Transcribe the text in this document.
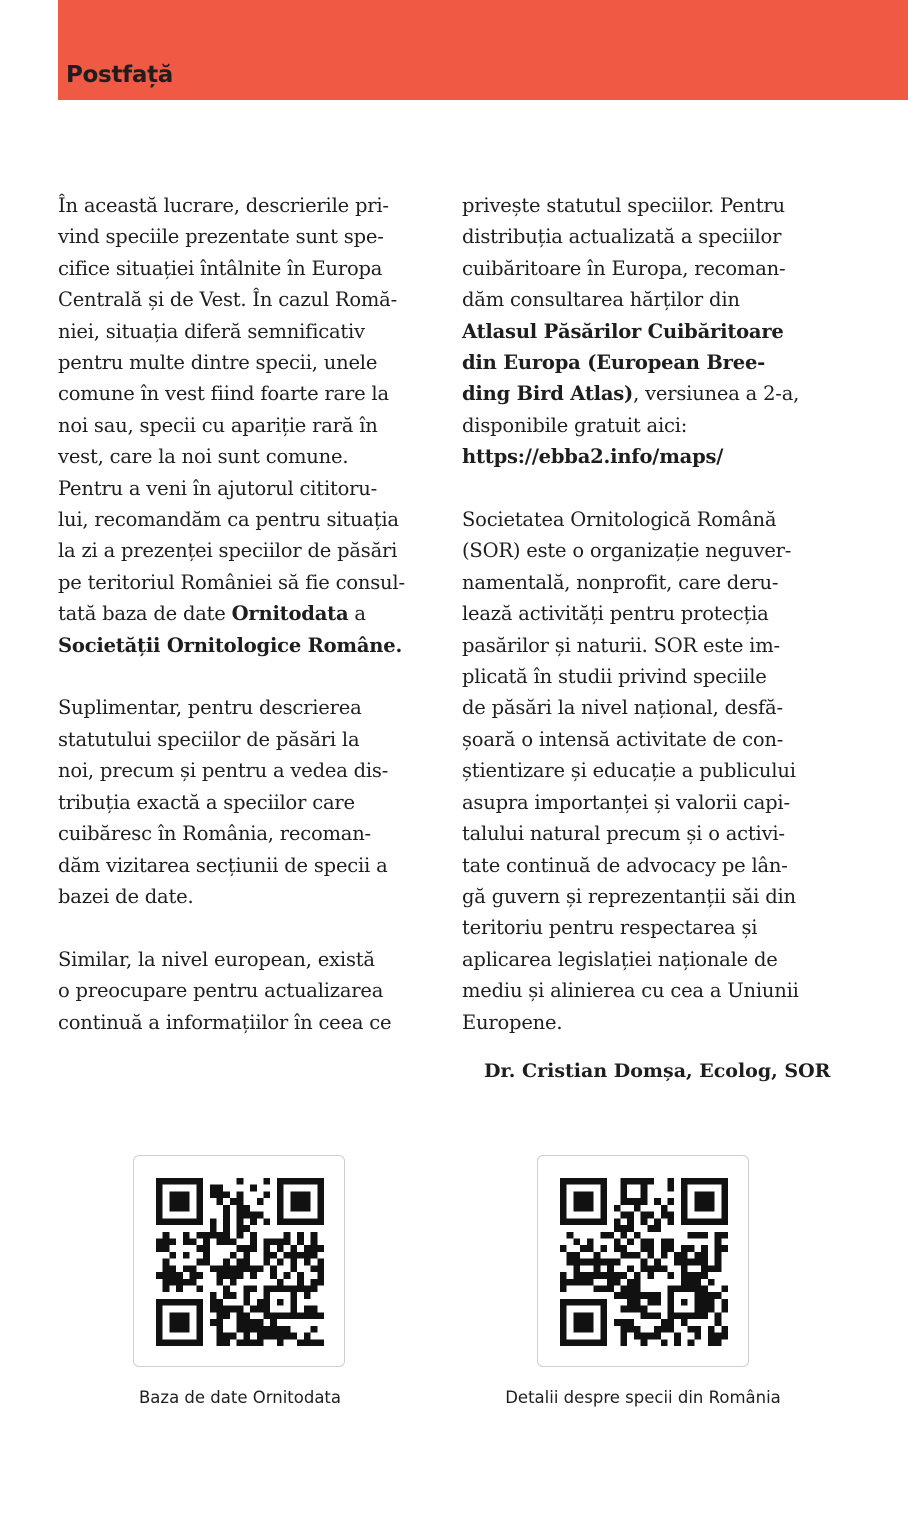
Postfață
În această lucrare, descrierile pri-
vind speciile prezentate sunt spe-
cifice situației întâlnite în Europa
Centrală și de Vest. În cazul Romă-
niei, situația diferă semnificativ
pentru multe dintre specii, unele
comune în vest fiind foarte rare la
noi sau, specii cu apariție rară în
vest, care la noi sunt comune.
Pentru a veni în ajutorul cititoru-
lui, recomandăm ca pentru situația
la zi a prezenței speciilor de păsări
pe teritoriul României să fie consul-
tată baza de date Ornitodata a
Societății Ornitologice Române.
Suplimentar, pentru descrierea
statutului speciilor de păsări la
noi, precum și pentru a vedea dis-
tribuția exactă a speciilor care
cuibăresc în România, recoman-
dăm vizitarea secțiunii de specii a
bazei de date.
Similar, la nivel european, există
o preocupare pentru actualizarea
continuă a informațiilor în ceea ce
privește statutul speciilor. Pentru
distribuția actualizată a speciilor
cuibăritoare în Europa, recoman-
dăm consultarea hărților din
Atlasul Păsărilor Cuibăritoare
din Europa (European Bree-
ding Bird Atlas), versiunea a 2-a,
disponibile gratuit aici:
https://ebba2.info/maps/
Societatea Ornitologică Română
(SOR) este o organizație neguver-
namentală, nonprofit, care deru-
lează activități pentru protecția
pasărilor și naturii. SOR este im-
plicată în studii privind speciile
de păsări la nivel național, desfă-
șoară o intensă activitate de con-
știentizare și educație a publicului
asupra importanței și valorii capi-
talului natural precum și o activi-
tate continuă de advocacy pe lân-
gă guvern și reprezentanții săi din
teritoriu pentru respectarea și
aplicarea legislației naționale de
mediu și alinierea cu cea a Uniunii
Europene.
Dr. Cristian Domșa, Ecolog, SOR
Baza de date Ornitodata	Detalii despre specii din România
